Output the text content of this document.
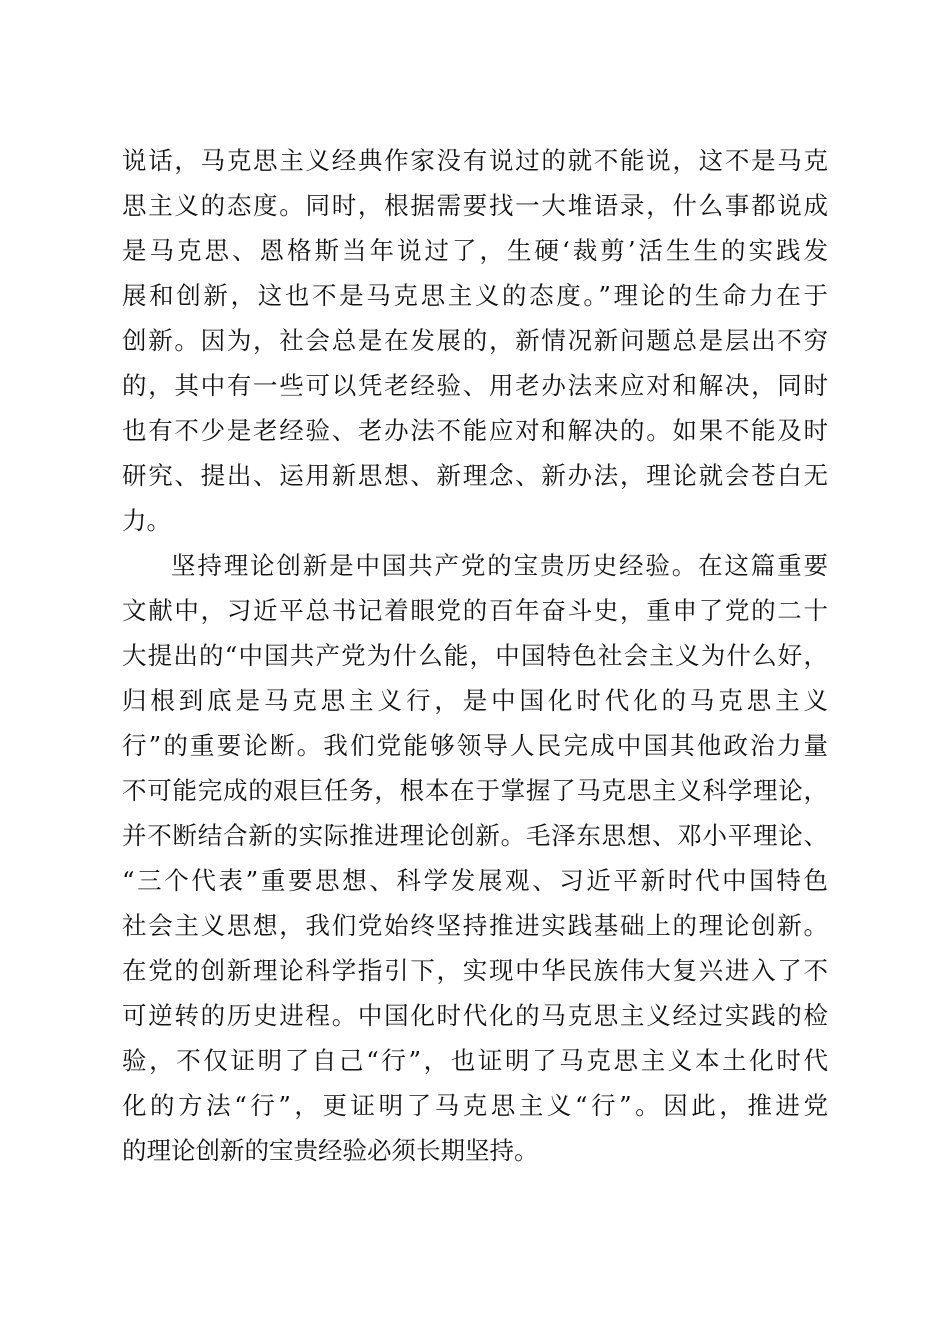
说话，马克思主义经典作家没有说过的就不能说，这不是马克
思主义的态度。同时，根据需要找一大堆语录，什么事都说成
是马克思、恩格斯当年说过了，生硬‘裁剪’活生生的实践发
展和创新，这也不是马克思主义的态度。”理论的生命力在于
创新。因为，社会总是在发展的，新情况新问题总是层出不穷
的，其中有一些可以凭老经验、用老办法来应对和解决，同时
也有不少是老经验、老办法不能应对和解决的。如果不能及时
研究、提出、运用新思想、新理念、新办法，理论就会苍白无
力。
坚持理论创新是中国共产党的宝贵历史经验。在这篇重要
文献中，习近平总书记着眼党的百年奋斗史，重申了党的二十
大提出的“中国共产党为什么能，中国特色社会主义为什么好，
归根到底是马克思主义行，是中国化时代化的马克思主义
行”的重要论断。我们党能够领导人民完成中国其他政治力量
不可能完成的艰巨任务，根本在于掌握了马克思主义科学理论，
并不断结合新的实际推进理论创新。毛泽东思想、邓小平理论、
“三个代表”重要思想、科学发展观、习近平新时代中国特色
社会主义思想，我们党始终坚持推进实践基础上的理论创新。
在党的创新理论科学指引下，实现中华民族伟大复兴进入了不
可逆转的历史进程。中国化时代化的马克思主义经过实践的检
验，不仅证明了自己“行”，也证明了马克思主义本土化时代
化的方法“行”，更证明了马克思主义“行”。因此，推进党
的理论创新的宝贵经验必须长期坚持。
